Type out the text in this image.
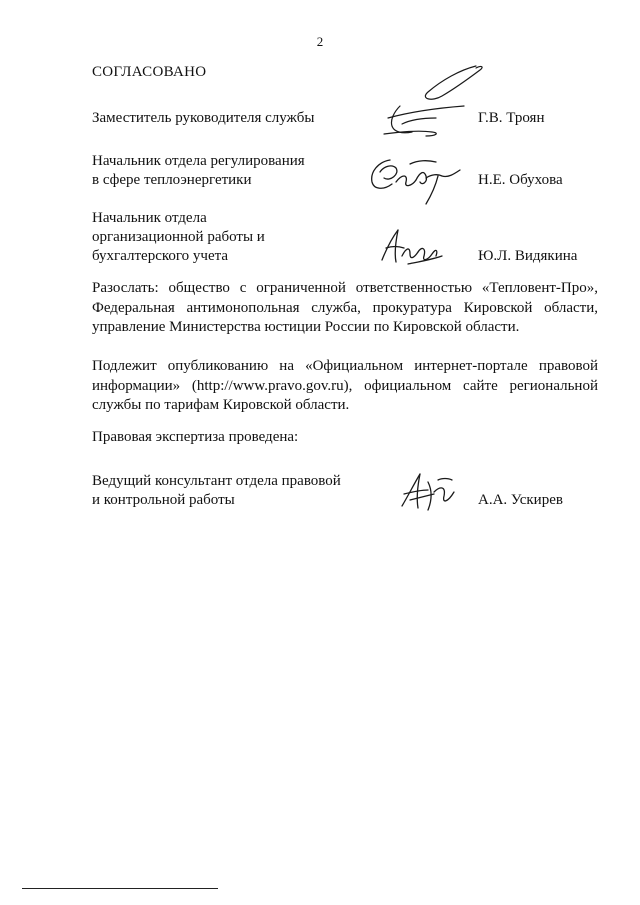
2
СОГЛАСОВАНО
Заместитель руководителя службы	Г.В. Троян
Начальник отдела регулирования
в сфере теплоэнергетики	Н.Е. Обухова
Начальник отдела
организационной работы и
бухгалтерского учета	Ю.Л. Видякина
Разослать: общество с ограниченной ответственностью «Тепловент-Про»,
Федеральная антимонопольная служба, прокуратура Кировской области,
управление Министерства юстиции России по Кировской области.
Подлежит опубликованию на «Официальном интернет-портале правовой
информации» (http://www.pravo.gov.ru), официальном сайте региональной
службы по тарифам Кировской области.
Правовая экспертиза проведена:
Ведущий консультант отдела правовой
и контрольной работы	А.А. Ускирев
